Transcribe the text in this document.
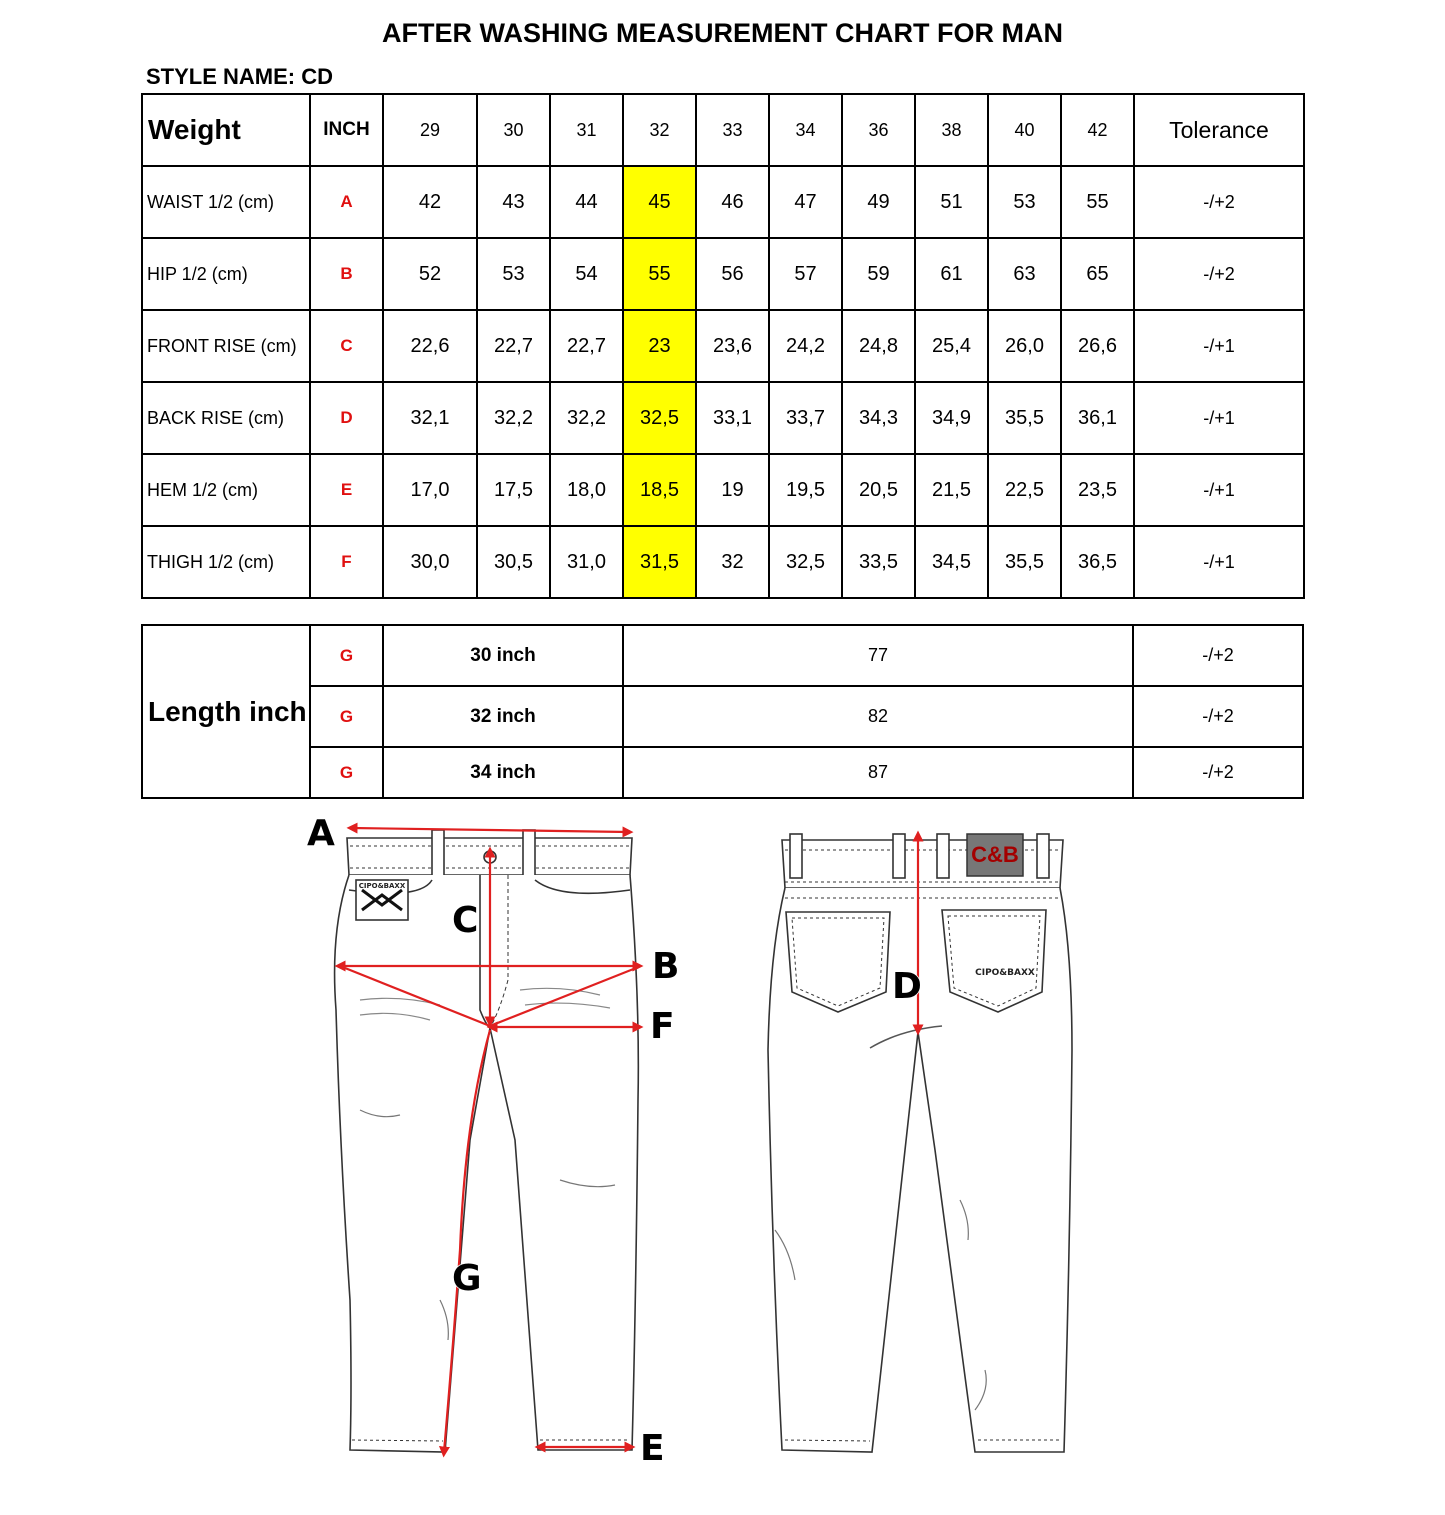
AFTER WASHING MEASUREMENT CHART FOR MAN
STYLE NAME: CD
Weight	INCH	29	30	31	32	33	34	36	38	40	42	Tolerance
WAIST 1/2 (cm)	A	42	43	44	45	46	47	49	51	53	55	-/+2
HIP 1/2 (cm)	B	52	53	54	55	56	57	59	61	63	65	-/+2
FRONT RISE (cm)	C	22,6	22,7	22,7	23	23,6	24,2	24,8	25,4	26,0	26,6	-/+1
BACK RISE (cm)	D	32,1	32,2	32,2	32,5	33,1	33,7	34,3	34,9	35,5	36,1	-/+1
HEM 1/2 (cm)	E	17,0	17,5	18,0	18,5	19	19,5	20,5	21,5	22,5	23,5	-/+1
THIGH 1/2 (cm)	F	30,0	30,5	31,0	31,5	32	32,5	33,5	34,5	35,5	36,5	-/+1
Length inch	G	30 inch	77	-/+2
	G	32 inch	82	-/+2
	G	34 inch	87	-/+2
C&B
CIPO&BAXX
CIPO&BAXX
A
C
B
F
G
E
D
